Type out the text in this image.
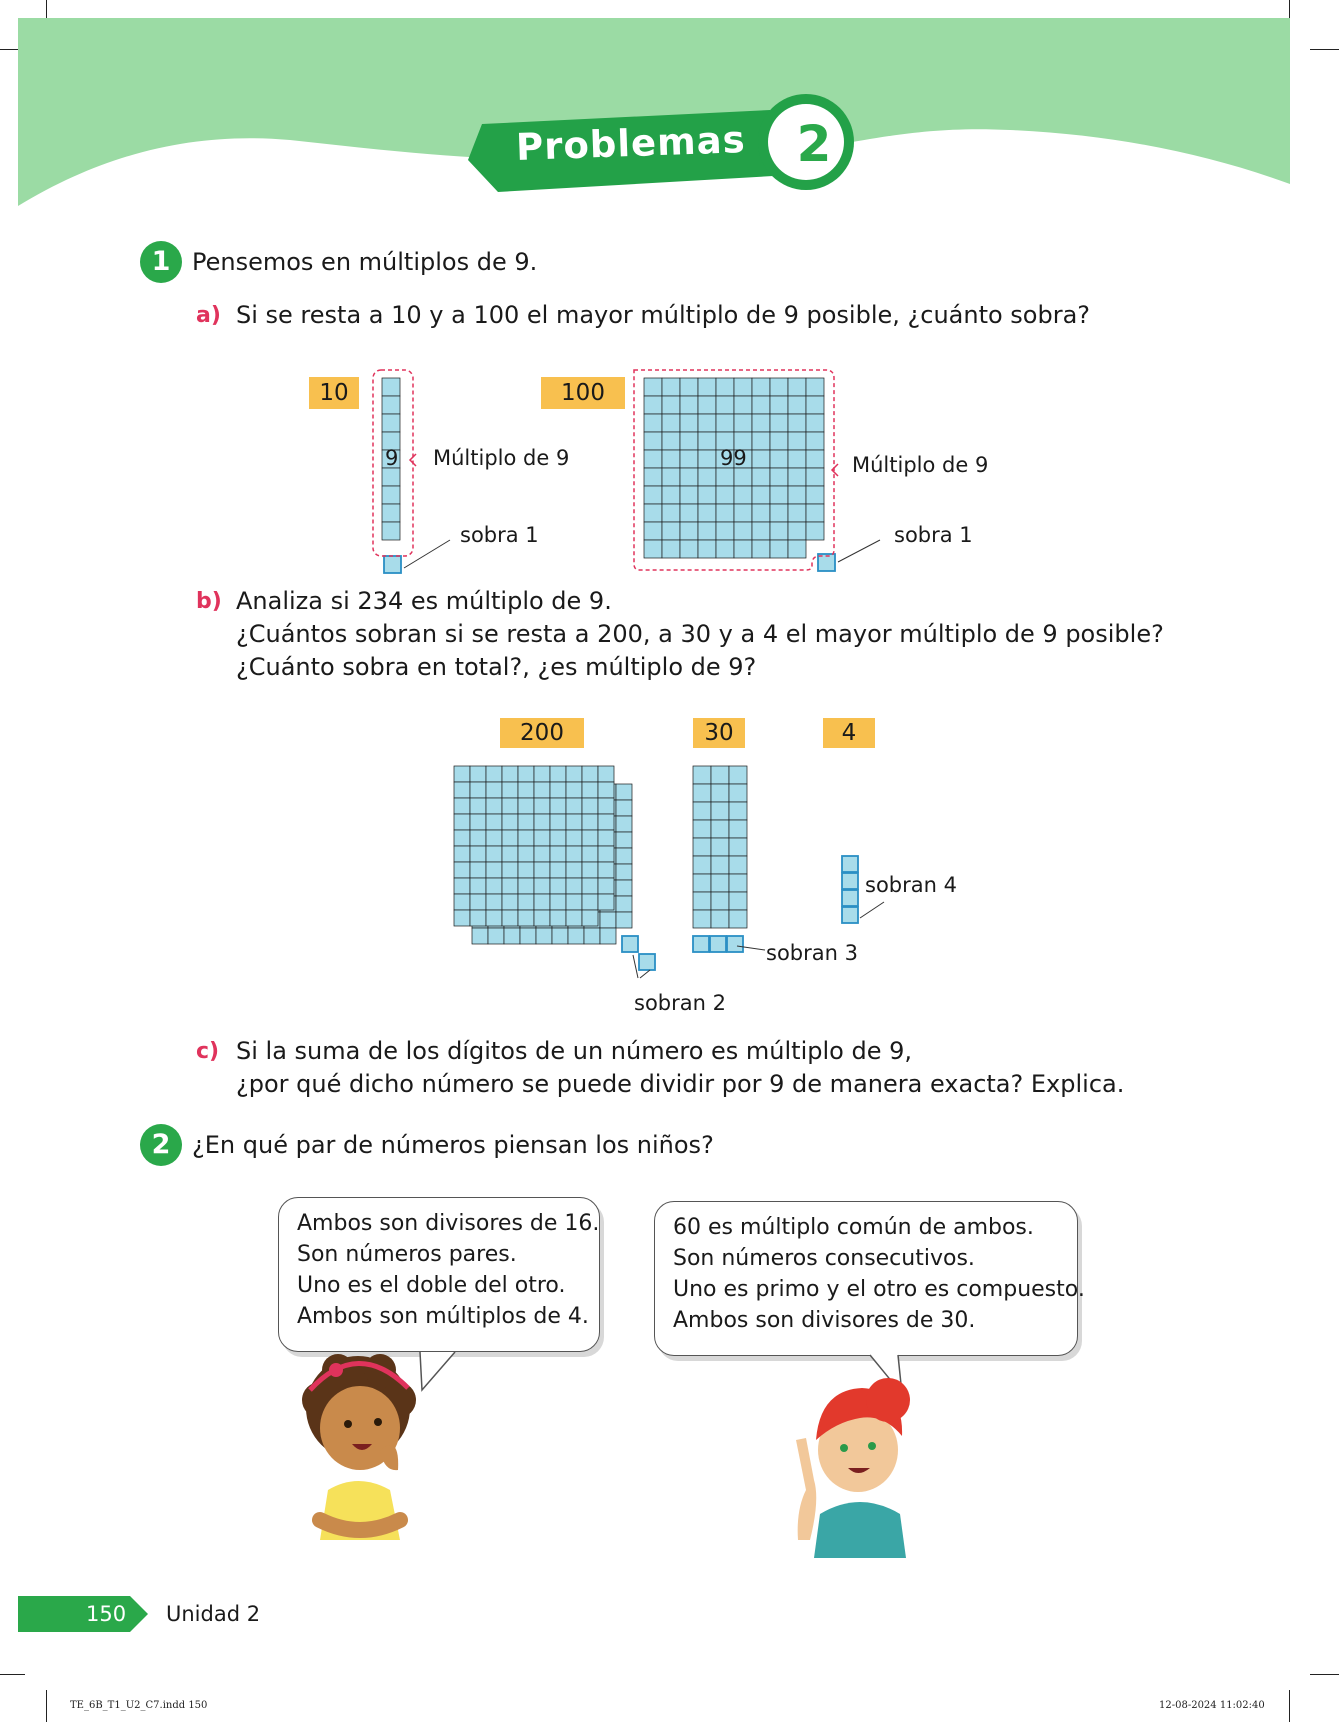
Problemas	2
1 Pensemos en múltiplos de 9.
a) Si se resta a 10 y a 100 el mayor múltiplo de 9 posible, ¿cuánto sobra?
10	100
9 Múltiplo de 9
sobra 1
99	Múltiplo de 9
sobra 1
b) Analiza si 234 es múltiplo de 9.
¿Cuántos sobran si se resta a 200, a 30 y a 4 el mayor múltiplo de 9 posible?
¿Cuánto sobra en total?, ¿es múltiplo de 9?
200	30	4
sobran 2
sobran 3
sobran 4
c) Si la suma de los dígitos de un número es múltiplo de 9,
¿por qué dicho número se puede dividir por 9 de manera exacta? Explica.
2 ¿En qué par de números piensan los niños?
Ambos son divisores de 16.
Son números pares.
Uno es el doble del otro.
Ambos son múltiplos de 4.
60 es múltiplo común de ambos.
Son números consecutivos.
Uno es primo y el otro es compuesto.
Ambos son divisores de 30.
150 Unidad 2
TE_6B_T1_U2_C7.indd 150	12-08-2024 11:02:40
